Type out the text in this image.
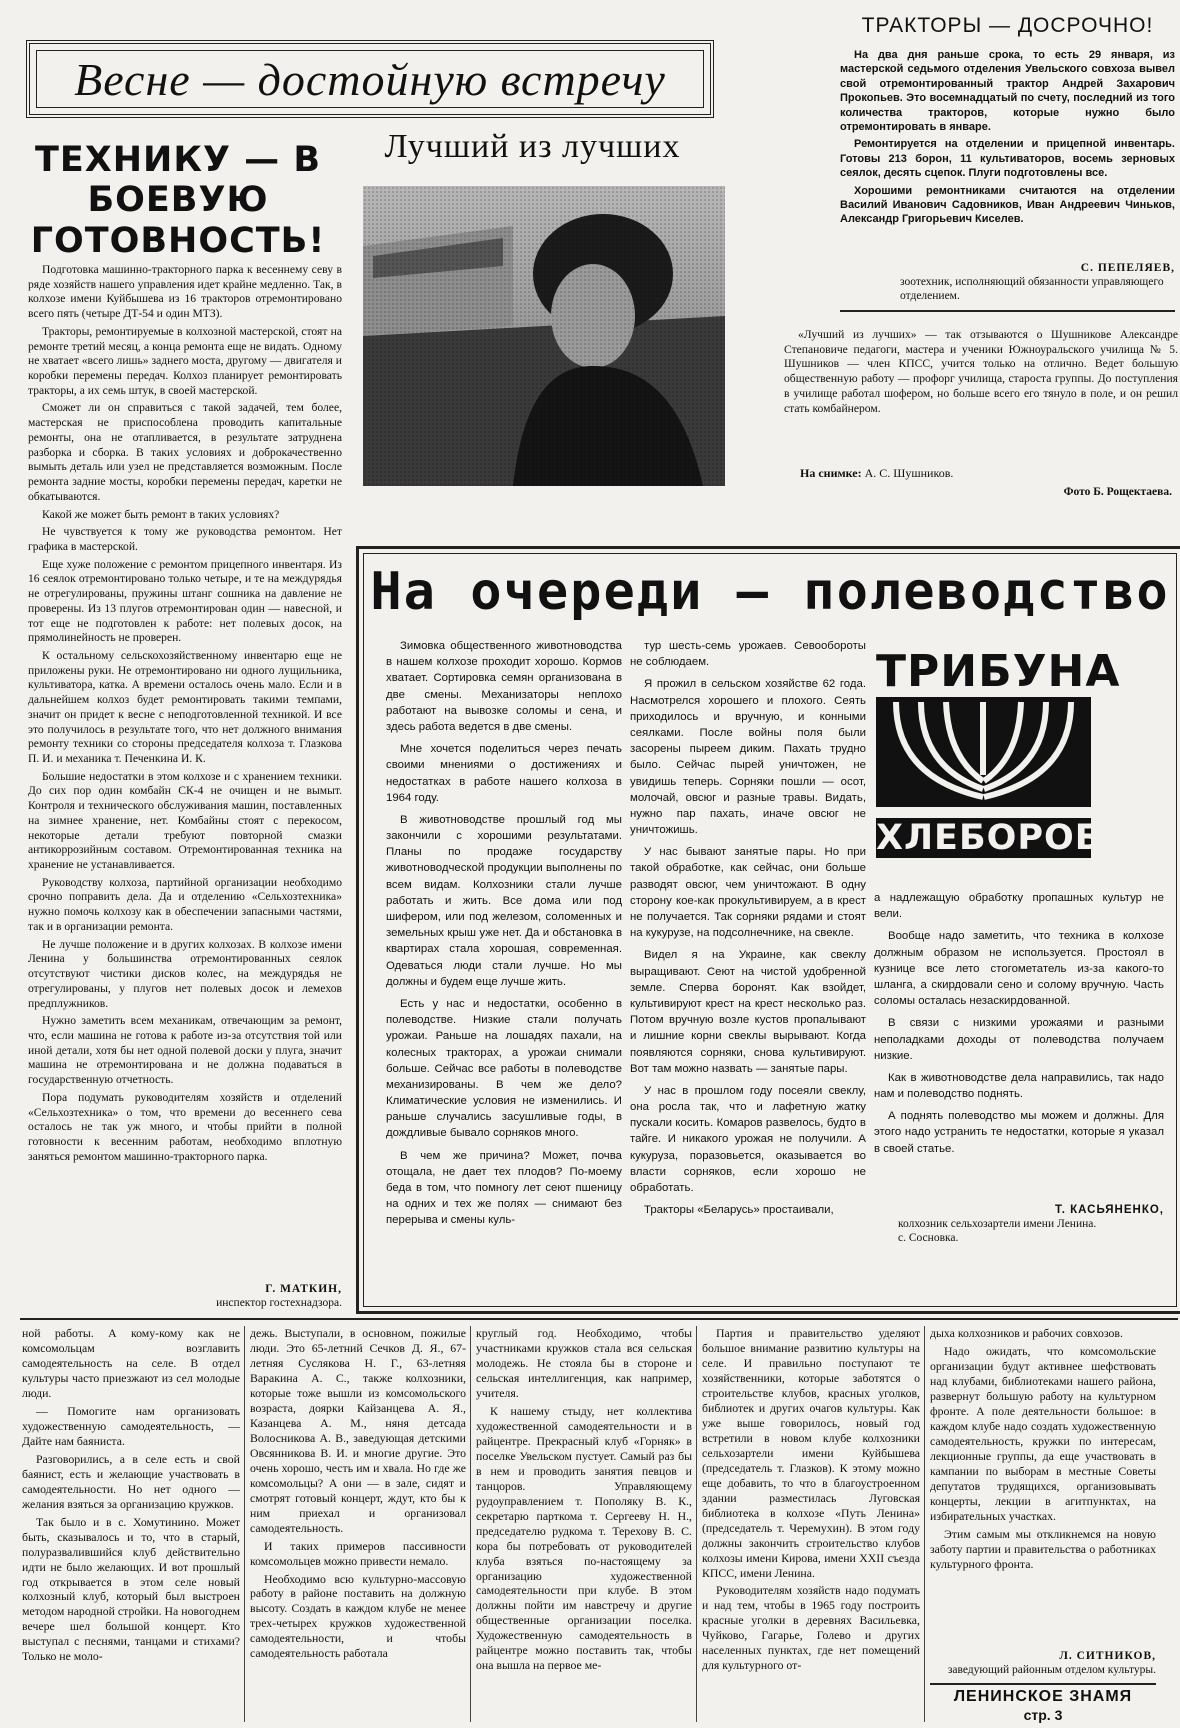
Весне — достойную встречу
ТРАКТОРЫ — ДОСРОЧНО!

На два дня раньше срока, то есть 29 января, из мастерской седьмого отделения Увельского совхоза вывел свой отремонтированный трактор Андрей Захарович Прокопьев. Это восемнадцатый по счету, последний из того количества тракторов, которые нужно было отремонтировать в январе.

Ремонтируется на отделении и прицепной инвентарь. Готовы 213 борон, 11 культиваторов, восемь зерновых сеялок, десять сцепок. Плуги подготовлены все.

Хорошими ремонтниками считаются на отделении Василий Иванович Садовников, Иван Андреевич Чиньков, Александр Григорьевич Киселев.

С. ПЕПЕЛЯЕВ,

зоотехник, исполняющий обязанности управляющего отделением.
ТЕХНИКУ — В БОЕВУЮ ГОТОВНОСТЬ!

Подготовка машинно-тракторного парка к весеннему севу в ряде хозяйств нашего управления идет крайне медленно. Так, в колхозе имени Куйбышева из 16 тракторов отремонтировано всего пять (четыре ДТ-54 и один МТЗ).

Тракторы, ремонтируемые в колхозной мастерской, стоят на ремонте третий месяц, а конца ремонта еще не видать. Одному не хватает «всего лишь» заднего моста, другому — двигателя и коробки перемены передач. Колхоз планирует ремонтировать тракторы, а их семь штук, в своей мастерской.

Сможет ли он справиться с такой задачей, тем более, мастерская не приспособлена проводить капитальные ремонты, она не отапливается, в результате затруднена разборка и сборка. В таких условиях и доброкачественно вымыть деталь или узел не представляется возможным. После ремонта задние мосты, коробки перемены передач, каретки не обкатываются.

Какой же может быть ремонт в таких условиях?

Не чувствуется к тому же руководства ремонтом. Нет графика в мастерской.

Еще хуже положение с ремонтом прицепного инвентаря. Из 16 сеялок отремонтировано только четыре, и те на междурядья не отрегулированы, пружины штанг сошника на давление не проверены. Из 13 плугов отремонтирован один — навесной, и тот еще не подготовлен к работе: нет полевых досок, на прямолинейность не проверен.

К остальному сельскохозяйственному инвентарю еще не приложены руки. Не отремонтировано ни одного лущильника, культиватора, катка. А времени осталось очень мало. Если и в дальнейшем колхоз будет ремонтировать такими темпами, значит он придет к весне с неподготовленной техникой. И все это получилось в результате того, что нет должного внимания ремонту техники со стороны председателя колхоза т. Глазкова П. И. и механика т. Печенкина И. К.

Большие недостатки в этом колхозе и с хранением техники. До сих пор один комбайн СК-4 не очищен и не вымыт. Контроля и технического обслуживания машин, поставленных на зимнее хранение, нет. Комбайны стоят с перекосом, некоторые детали требуют повторной смазки антикоррозийным составом. Отремонтированная техника на хранение не устанавливается.

Руководству колхоза, партийной организации необходимо срочно поправить дела. Да и отделению «Сельхозтехника» нужно помочь колхозу как в обеспечении запасными частями, так и в организации ремонта.

Не лучше положение и в других колхозах. В колхозе имени Ленина у большинства отремонтированных сеялок отсутствуют чистики дисков колес, на междурядья не отрегулированы, у плугов нет полевых досок и лемехов предплужников.

Нужно заметить всем механикам, отвечающим за ремонт, что, если машина не готова к работе из-за отсутствия той или иной детали, хотя бы нет одной полевой доски у плуга, значит машина не отремонтирована и не должна подаваться в государственную отчетность.

Пора подумать руководителям хозяйств и отделений «Сельхозтехника» о том, что времени до весеннего сева осталось не так уж много, и чтобы прийти в полной готовности к весенним работам, необходимо вплотную заняться ремонтом машинно-тракторного парка.

Г. МАТКИН,
инспектор гостехнадзора.
Лучший из лучших

«Лучший из лучших» — так отзываются о Шушникове Александре Степановиче педагоги, мастера и ученики Южноуральского училища № 5. Шушников — член КПСС, учится только на отлично. Ведет большую общественную работу — профорг училища, староста группы. До поступления в училище работал шофером, но больше всего его тянуло в поле, и он решил стать комбайнером.

На снимке: А. С. Шушников.
Фото Б. Рощектаева.
На очереди — полеводство

Зимовка общественного животноводства в нашем колхозе проходит хорошо. Кормов хватает. Сортировка семян организована в две смены. Механизаторы неплохо работают на вывозке соломы и сена, и здесь работа ведется в две смены.

Мне хочется поделиться через печать своими мнениями о достижениях и недостатках в работе нашего колхоза в 1964 году.

В животноводстве прошлый год мы закончили с хорошими результатами. Планы по продаже государству животноводческой продукции выполнены по всем видам. Колхозники стали лучше работать и жить. Все дома или под шифером, или под железом, соломенных и земельных крыш уже нет. Да и обстановка в квартирах стала хорошая, современная. Одеваться люди стали лучше. Но мы должны и будем еще лучше жить.

Есть у нас и недостатки, особенно в полеводстве. Низкие стали получать урожаи. Раньше на лошадях пахали, на колесных тракторах, а урожаи снимали больше. Сейчас все работы в полеводстве механизированы. В чем же дело? Климатические условия не изменились. И раньше случались засушливые годы, в дождливые бывало сорняков много.

В чем же причина? Может, почва отощала, не дает тех плодов? По-моему беда в том, что помногу лет сеют пшеницу на одних и тех же полях — снимают без перерыва и смены куль-

тур шесть-семь урожаев. Севообороты не соблюдаем.

Я прожил в сельском хозяйстве 62 года. Насмотрелся хорошего и плохого. Сеять приходилось и вручную, и конными сеялками. После войны поля были засорены пыреем диким. Пахать трудно было. Сейчас пырей уничтожен, не увидишь теперь. Сорняки пошли — осот, молочай, овсюг и разные травы. Видать, нужно пар пахать, иначе овсюг не уничтожишь.

У нас бывают занятые пары. Но при такой обработке, как сейчас, они больше разводят овсюг, чем уничтожают. В одну сторону кое-как прокультивируем, а в крест не получается. Так сорняки рядами и стоят на кукурузе, на подсолнечнике, на свекле.

Видел я на Украине, как свеклу выращивают. Сеют на чистой удобренной земле. Сперва боронят. Как взойдет, культивируют крест на крест несколько раз. Потом вручную возле кустов пропалывают и лишние корни свеклы вырывают. Когда появляются сорняки, снова культивируют. Вот там можно назвать — занятые пары.

У нас в прошлом году посеяли свеклу, она росла так, что и лафетную жатку пускали косить. Комаров развелось, будто в тайге. И никакого урожая не получили. А кукуруза, поразовьется, оказывается во власти сорняков, если хорошо не обработать.

Тракторы «Беларусь» простаивали,

ТРИБУНА
ХЛЕБОРОБА

а надлежащую обработку пропашных культур не вели.

Вообще надо заметить, что техника в колхозе должным образом не используется. Простоял в кузнице все лето стогометатель из-за какого-то шланга, а скирдовали сено и солому вручную. Часть соломы осталась незаскирдованной.

В связи с низкими урожаями и разными неполадками доходы от полеводства получаем низкие.

Как в животноводстве дела направились, так надо нам и полеводство поднять.

А поднять полеводство мы можем и должны. Для этого надо устранить те недостатки, которые я указал в своей статье.

Т. КАСЬЯНЕНКО,

колхозник сельхозартели имени Ленина.
с. Сосновка.

ной работы. А кому-кому как не комсомольцам возглавить самодеятельность на селе. В отдел культуры часто приезжают из сел молодые люди.

— Помогите нам организовать художественную самодеятельность, — Дайте нам баяниста.

Разговорились, а в селе есть и свой баянист, есть и желающие участвовать в самодеятельности. Но нет одного — желания взяться за организацию кружков.

Так было и в с. Хомутинино. Может быть, сказывалось и то, что в старый, полуразвалившийся клуб действительно идти не было желающих. И вот прошлый год открывается в этом селе новый колхозный клуб, который был выстроен методом народной стройки. На новогоднем вечере шел большой концерт. Кто выступал с песнями, танцами и стихами? Только не моло-

дежь. Выступали, в основном, пожилые люди. Это 65-летний Сечков Д. Я., 67-летняя Суслякова Н. Г., 63-летняя Варакина А. С., также колхозники, которые тоже вышли из комсомольского возраста, доярки Кайзанцева А. Я., Казанцева А. М., няня детсада Волосникова А. В., заведующая детскими Овсянникова В. И. и многие другие. Это очень хорошо, честь им и хвала. Но где же комсомольцы? А они — в зале, сидят и смотрят готовый концерт, ждут, кто бы к ним приехал и организовал самодеятельность.

И таких примеров пассивности комсомольцев можно привести немало.

Необходимо всю культурно-массовую работу в районе поставить на должную высоту. Создать в каждом клубе не менее трех-четырех кружков художественной самодеятельности, и чтобы самодеятельность работала

круглый год. Необходимо, чтобы участниками кружков стала вся сельская молодежь. Не стояла бы в стороне и сельская интеллигенция, как например, учителя.

К нашему стыду, нет коллектива художественной самодеятельности и в райцентре. Прекрасный клуб «Горняк» в поселке Увельском пустует. Самый раз бы в нем и проводить занятия певцов и танцоров. Управляющему рудоуправлением т. Пополяку В. К., секретарю парткома т. Сергееву Н. Н., председателю рудкома т. Терехову В. С. кора бы потребовать от руководителей клуба взяться по-настоящему за организацию художественной самодеятельности при клубе. В этом должны пойти им навстречу и другие общественные организации поселка. Художественную самодеятельность в райцентре можно поставить так, чтобы она вышла на первое ме-

Партия и правительство уделяют большое внимание развитию культуры на селе. И правильно поступают те хозяйственники, которые заботятся о строительстве клубов, красных уголков, библиотек и других очагов культуры. Как уже выше говорилось, новый год встретили в новом клубе колхозники сельхозартели имени Куйбышева (председатель т. Глазков). К этому можно еще добавить, то что в благоустроенном здании разместилась Луговская библиотека в колхозе «Путь Ленина» (председатель т. Черемухин). В этом году должны закончить строительство клубов колхозы имени Кирова, имени XXII съезда КПСС, имени Ленина.

Руководителям хозяйств надо подумать и над тем, чтобы в 1965 году построить красные уголки в деревнях Васильевка, Чуйково, Гагарье, Голево и других населенных пунктах, где нет помещений для культурного от-

дыха колхозников и рабочих совхозов.

Надо ожидать, что комсомольские организации будут активнее шефствовать над клубами, библиотеками нашего района, развернут большую работу на культурном фронте. А поле деятельности большое: в каждом клубе надо создать художественную самодеятельность, кружки по интересам, лекционные группы, да еще участвовать в кампании по выборам в местные Советы депутатов трудящихся, организовывать концерты, лекции в агитпунктах, на избирательных участках.

Этим самым мы откликнемся на новую заботу партии и правительства о работниках культурного фронта.

Л. СИТНИКОВ,
заведующий районным отделом культуры.
ЛЕНИНСКОЕ ЗНАМЯ
стр. 3
